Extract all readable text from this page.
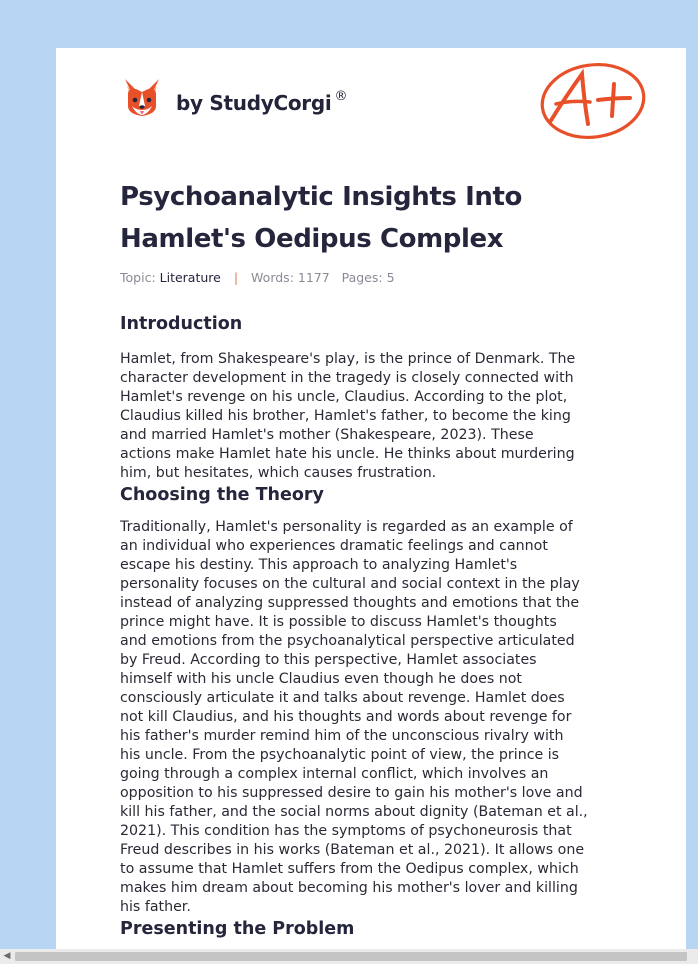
by StudyCorgi ®
Psychoanalytic Insights Into
Hamlet's Oedipus Complex
Topic: Literature | Words: 1177 Pages: 5
Introduction

Hamlet, from Shakespeare's play, is the prince of Denmark. The
character development in the tragedy is closely connected with
Hamlet's revenge on his uncle, Claudius. According to the plot,
Claudius killed his brother, Hamlet's father, to become the king
and married Hamlet's mother (Shakespeare, 2023). These
actions make Hamlet hate his uncle. He thinks about murdering
him, but hesitates, which causes frustration.

Choosing the Theory

Traditionally, Hamlet's personality is regarded as an example of
an individual who experiences dramatic feelings and cannot
escape his destiny. This approach to analyzing Hamlet's
personality focuses on the cultural and social context in the play
instead of analyzing suppressed thoughts and emotions that the
prince might have. It is possible to discuss Hamlet's thoughts
and emotions from the psychoanalytical perspective articulated
by Freud. According to this perspective, Hamlet associates
himself with his uncle Claudius even though he does not
consciously articulate it and talks about revenge. Hamlet does
not kill Claudius, and his thoughts and words about revenge for
his father's murder remind him of the unconscious rivalry with
his uncle. From the psychoanalytic point of view, the prince is
going through a complex internal conflict, which involves an
opposition to his suppressed desire to gain his mother's love and
kill his father, and the social norms about dignity (Bateman et al.,
2021). This condition has the symptoms of psychoneurosis that
Freud describes in his works (Bateman et al., 2021). It allows one
to assume that Hamlet suffers from the Oedipus complex, which
makes him dream about becoming his mother's lover and killing
his father.

Presenting the Problem
◀
